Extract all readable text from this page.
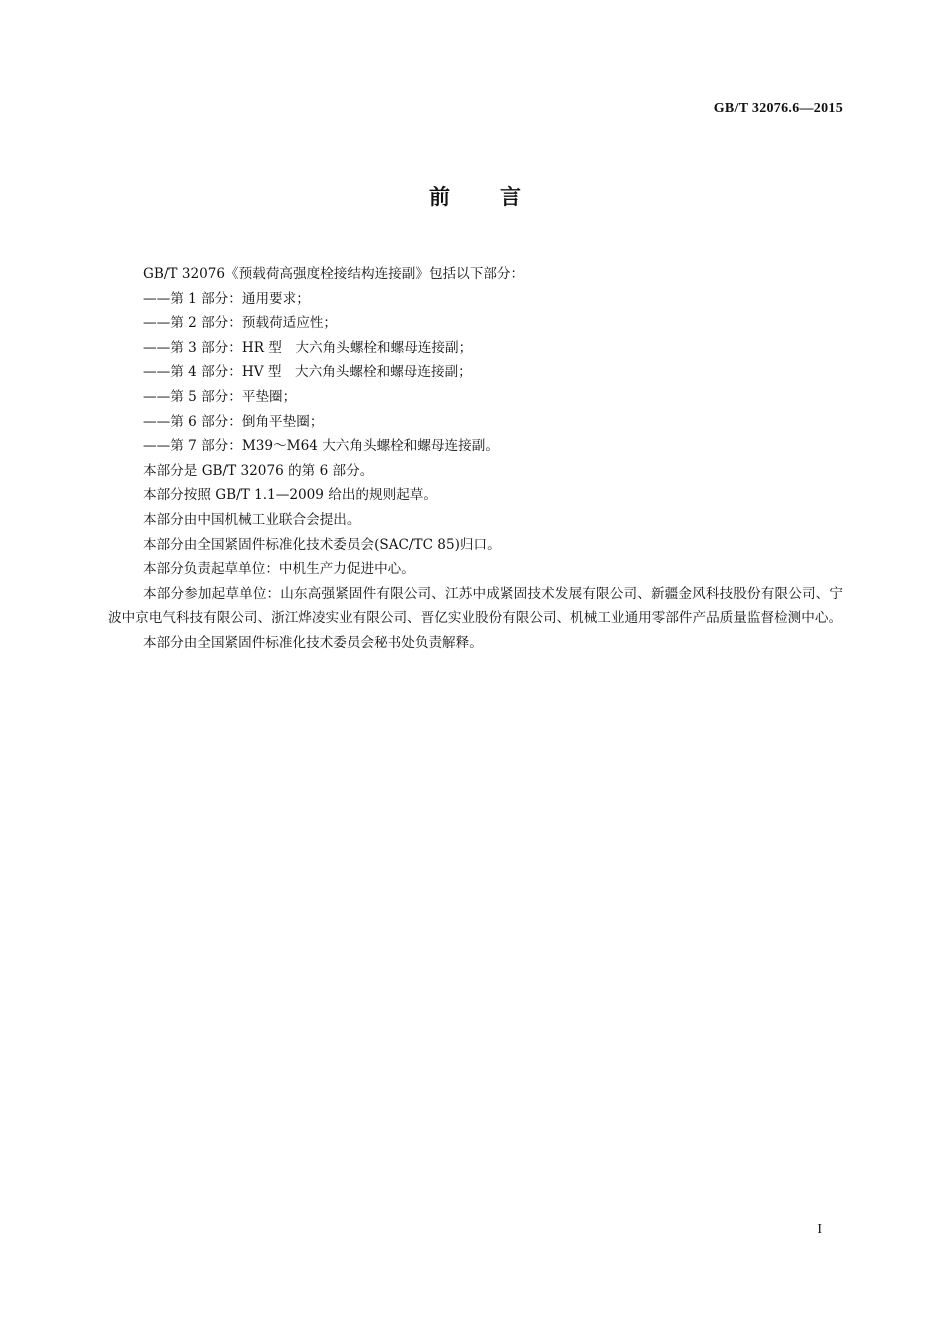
GB/T 32076.6—2015
前 言

GB/T 32076《预载荷高强度栓接结构连接副》包括以下部分：

——第 1 部分：通用要求；

——第 2 部分：预载荷适应性；

——第 3 部分：HR 型　大六角头螺栓和螺母连接副；

——第 4 部分：HV 型　大六角头螺栓和螺母连接副；

——第 5 部分：平垫圈；

——第 6 部分：倒角平垫圈；

——第 7 部分：M39～M64 大六角头螺栓和螺母连接副。

本部分是 GB/T 32076 的第 6 部分。

本部分按照 GB/T 1.1—2009 给出的规则起草。

本部分由中国机械工业联合会提出。

本部分由全国紧固件标准化技术委员会(SAC/TC 85)归口。

本部分负责起草单位：中机生产力促进中心。

本部分参加起草单位：山东高强紧固件有限公司、江苏中成紧固技术发展有限公司、新疆金风科技股份有限公司、宁波中京电气科技有限公司、浙江烨凌实业有限公司、晋亿实业股份有限公司、机械工业通用零部件产品质量监督检测中心。

本部分由全国紧固件标准化技术委员会秘书处负责解释。

I
